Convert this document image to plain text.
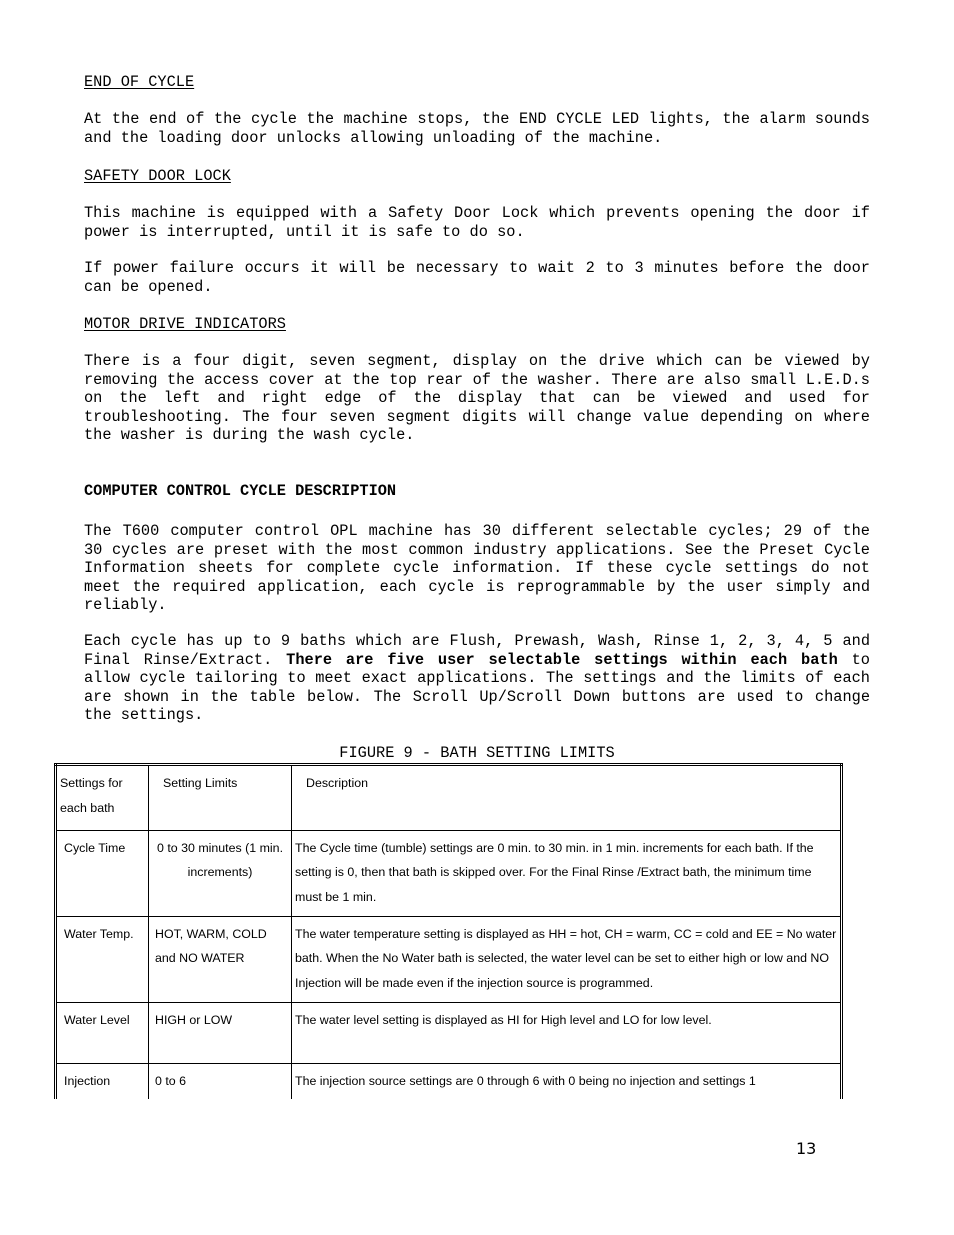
END OF CYCLE

At the end of the cycle the machine stops, the END CYCLE LED lights, the alarm sounds and the loading door unlocks allowing unloading of the machine.

SAFETY DOOR LOCK

This machine is equipped with a Safety Door Lock which prevents opening the door if power is interrupted, until it is safe to do so.

If power failure occurs it will be necessary to wait 2 to 3 minutes before the door can be opened.

MOTOR DRIVE INDICATORS

There is a four digit, seven segment, display on the drive which can be viewed by removing the access cover at the top rear of the washer. There are also small L.E.D.s on the left and right edge of the display that can be viewed and used for troubleshooting. The four seven segment digits will change value depending on where the washer is during the wash cycle.

COMPUTER CONTROL CYCLE DESCRIPTION

The T600 computer control OPL machine has 30 different selectable cycles; 29 of the 30 cycles are preset with the most common industry applications. See the Preset Cycle Information sheets for complete cycle information. If these cycle settings do not meet the required application, each cycle is reprogrammable by the user simply and reliably.

Each cycle has up to 9 baths which are Flush, Prewash, Wash, Rinse 1, 2, 3, 4, 5 and Final Rinse/Extract. There are five user selectable settings within each bath to allow cycle tailoring to meet exact applications. The settings and the limits of each are shown in the table below. The Scroll Up/Scroll Down buttons are used to change the settings.

FIGURE 9 - BATH SETTING LIMITS
Settings for each bath	Setting Limits	Description
Cycle Time	0 to 30 minutes (1 min. increments)	The Cycle time (tumble) settings are 0 min. to 30 min. in 1 min. increments for each bath. If the setting is 0, then that bath is skipped over. For the Final Rinse /Extract bath, the minimum time must be 1 min.
Water Temp.	HOT, WARM, COLD and NO WATER	The water temperature setting is displayed as HH = hot, CH = warm, CC = cold and EE = No water bath. When the No Water bath is selected, the water level can be set to either high or low and NO Injection will be made even if the injection source is programmed.
Water Level	HIGH or LOW	The water level setting is displayed as HI for High level and LO for low level.
Injection	0 to 6	The injection source settings are 0 through 6 with 0 being no injection and settings 1
13
